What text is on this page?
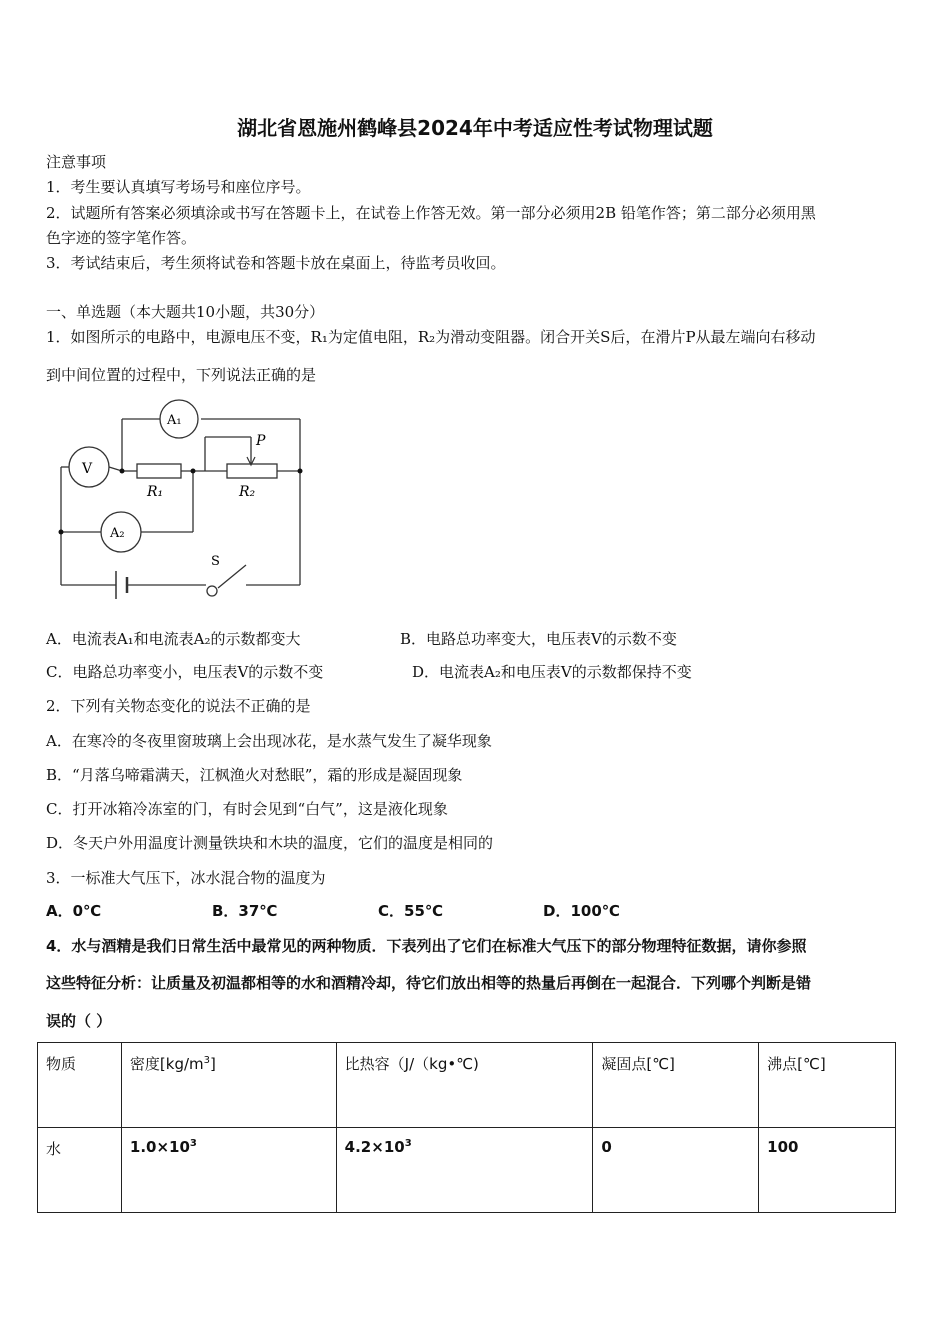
湖北省恩施州鹤峰县2024年中考适应性考试物理试题
注意事项
1．考生要认真填写考场号和座位序号。
2．试题所有答案必须填涂或书写在答题卡上，在试卷上作答无效。第一部分必须用2B 铅笔作答；第二部分必须用黑
色字迹的签字笔作答。
3．考试结束后，考生须将试卷和答题卡放在桌面上，待监考员收回。
一、单选题（本大题共10小题，共30分）
1．如图所示的电路中，电源电压不变，R₁为定值电阻，R₂为滑动变阻器。闭合开关S后，在滑片P从最左端向右移动
到中间位置的过程中，下列说法正确的是
A₁
V
A₂
R₁	R₂
P
S
A．电流表A₁和电流表A₂的示数都变大	B．电路总功率变大，电压表V的示数不变
C．电路总功率变小，电压表V的示数不变	D．电流表A₂和电压表V的示数都保持不变
2．下列有关物态变化的说法不正确的是
A．在寒冷的冬夜里窗玻璃上会出现冰花，是水蒸气发生了凝华现象
B．“月落乌啼霜满天，江枫渔火对愁眠”，霜的形成是凝固现象
C．打开冰箱冷冻室的门，有时会见到“白气”，这是液化现象
D．冬天户外用温度计测量铁块和木块的温度，它们的温度是相同的
3．一标准大气压下，冰水混合物的温度为
A．0℃	B．37℃	C．55℃	D．100℃
4．水与酒精是我们日常生活中最常见的两种物质．下表列出了它们在标准大气压下的部分物理特征数据，请你参照
这些特征分析：让质量及初温都相等的水和酒精冷却，待它们放出相等的热量后再倒在一起混合．下列哪个判断是错
误的（ ）
物质	密度$[kg/m^3]$	比热容（J/（kg•℃)	凝固点[℃]	沸点[℃]
水	$1.0\times 10^3$	$4.2\times 10^3$	0	100
